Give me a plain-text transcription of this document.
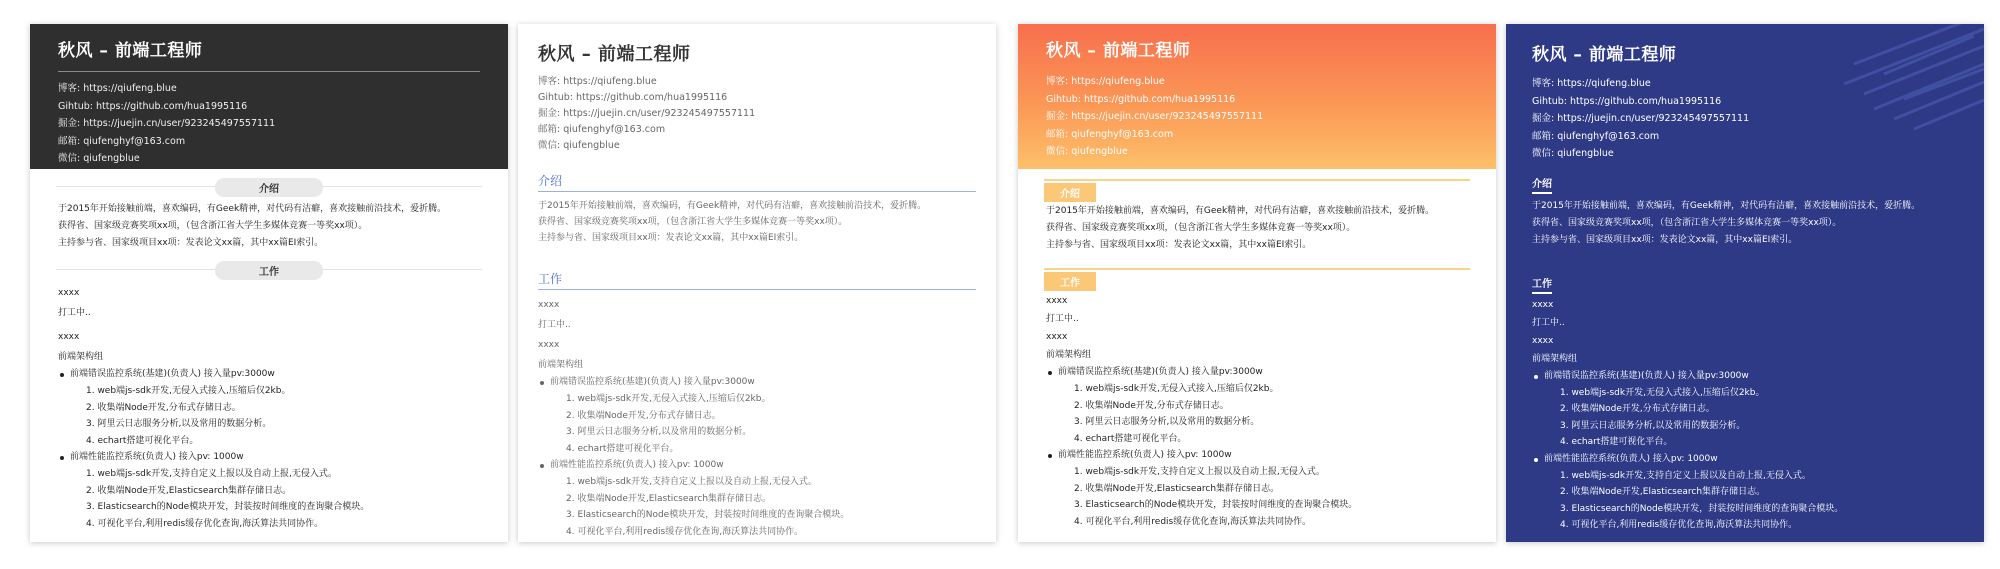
秋风 – 前端工程师
博客: https://qiufeng.blue
Gihtub: https://github.com/hua1995116
掘金: https://juejin.cn/user/923245497557111
邮箱: qiufenghyf@163.com
微信: qiufengblue
介绍

于2015年开始接触前端，喜欢编码，有Geek精神，对代码有洁癖，喜欢接触前沿技术，爱折腾。

获得省、国家级竞赛奖项xx项，（包含浙江省大学生多媒体竞赛一等奖xx项）。

主持参与省、国家级项目xx项：发表论文xx篇，其中xx篇EI索引。

工作
xxxx
打工中..
xxxx
前端架构组
前端错误监控系统(基建)(负责人) 接入量pv:3000w
1. web端js-sdk开发,无侵入式接入,压缩后仅2kb。
2. 收集端Node开发,分布式存储日志。
3. 阿里云日志服务分析,以及常用的数据分析。
4. echart搭建可视化平台。
前端性能监控系统(负责人) 接入pv: 1000w
1. web端js-sdk开发,支持自定义上报以及自动上报,无侵入式。
2. 收集端Node开发,Elasticsearch集群存储日志。
3. Elasticsearch的Node模块开发，封装按时间维度的查询聚合模块。
4. 可视化平台,利用redis缓存优化查询,海沃算法共同协作。
秋风 – 前端工程师
博客: https://qiufeng.blue
Gihtub: https://github.com/hua1995116
掘金: https://juejin.cn/user/923245497557111
邮箱: qiufenghyf@163.com
微信: qiufengblue
介绍

于2015年开始接触前端，喜欢编码，有Geek精神，对代码有洁癖，喜欢接触前沿技术，爱折腾。

获得省、国家级竞赛奖项xx项，（包含浙江省大学生多媒体竞赛一等奖xx项）。

主持参与省、国家级项目xx项：发表论文xx篇，其中xx篇EI索引。

工作
xxxx
打工中..
xxxx
前端架构组
前端错误监控系统(基建)(负责人) 接入量pv:3000w
1. web端js-sdk开发,无侵入式接入,压缩后仅2kb。
2. 收集端Node开发,分布式存储日志。
3. 阿里云日志服务分析,以及常用的数据分析。
4. echart搭建可视化平台。
前端性能监控系统(负责人) 接入pv: 1000w
1. web端js-sdk开发,支持自定义上报以及自动上报,无侵入式。
2. 收集端Node开发,Elasticsearch集群存储日志。
3. Elasticsearch的Node模块开发，封装按时间维度的查询聚合模块。
4. 可视化平台,利用redis缓存优化查询,海沃算法共同协作。
秋风 – 前端工程师
博客: https://qiufeng.blue
Gihtub: https://github.com/hua1995116
掘金: https://juejin.cn/user/923245497557111
邮箱: qiufenghyf@163.com
微信: qiufengblue
介绍

于2015年开始接触前端，喜欢编码，有Geek精神，对代码有洁癖，喜欢接触前沿技术，爱折腾。

获得省、国家级竞赛奖项xx项，（包含浙江省大学生多媒体竞赛一等奖xx项）。

主持参与省、国家级项目xx项：发表论文xx篇，其中xx篇EI索引。

工作
xxxx
打工中..
xxxx
前端架构组
前端错误监控系统(基建)(负责人) 接入量pv:3000w
1. web端js-sdk开发,无侵入式接入,压缩后仅2kb。
2. 收集端Node开发,分布式存储日志。
3. 阿里云日志服务分析,以及常用的数据分析。
4. echart搭建可视化平台。
前端性能监控系统(负责人) 接入pv: 1000w
1. web端js-sdk开发,支持自定义上报以及自动上报,无侵入式。
2. 收集端Node开发,Elasticsearch集群存储日志。
3. Elasticsearch的Node模块开发，封装按时间维度的查询聚合模块。
4. 可视化平台,利用redis缓存优化查询,海沃算法共同协作。
秋风 – 前端工程师
博客: https://qiufeng.blue
Gihtub: https://github.com/hua1995116
掘金: https://juejin.cn/user/923245497557111
邮箱: qiufenghyf@163.com
微信: qiufengblue
介绍

于2015年开始接触前端，喜欢编码，有Geek精神，对代码有洁癖，喜欢接触前沿技术，爱折腾。

获得省、国家级竞赛奖项xx项，（包含浙江省大学生多媒体竞赛一等奖xx项）。

主持参与省、国家级项目xx项：发表论文xx篇，其中xx篇EI索引。

工作
xxxx
打工中..
xxxx
前端架构组
前端错误监控系统(基建)(负责人) 接入量pv:3000w
1. web端js-sdk开发,无侵入式接入,压缩后仅2kb。
2. 收集端Node开发,分布式存储日志。
3. 阿里云日志服务分析,以及常用的数据分析。
4. echart搭建可视化平台。
前端性能监控系统(负责人) 接入pv: 1000w
1. web端js-sdk开发,支持自定义上报以及自动上报,无侵入式。
2. 收集端Node开发,Elasticsearch集群存储日志。
3. Elasticsearch的Node模块开发，封装按时间维度的查询聚合模块。
4. 可视化平台,利用redis缓存优化查询,海沃算法共同协作。
